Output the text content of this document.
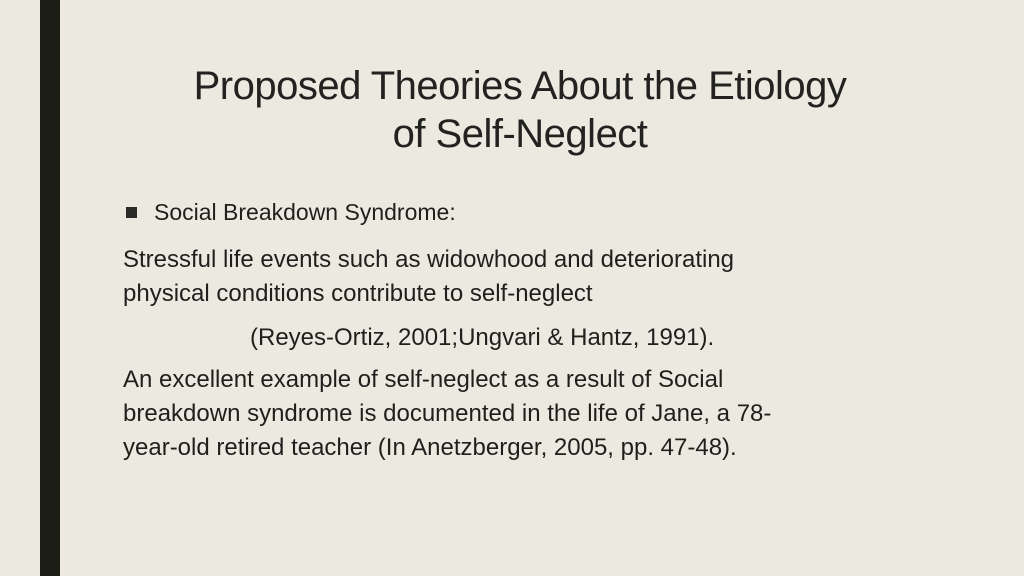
Proposed Theories About the Etiology
of Self-Neglect
Social Breakdown Syndrome:

Stressful life events such as widowhood and deteriorating
physical conditions contribute to self-neglect

(Reyes-Ortiz, 2001;Ungvari & Hantz, 1991).

An excellent example of self-neglect as a result of Social
breakdown syndrome is documented in the life of Jane, a 78-
year-old retired teacher (In Anetzberger, 2005, pp. 47-48).
